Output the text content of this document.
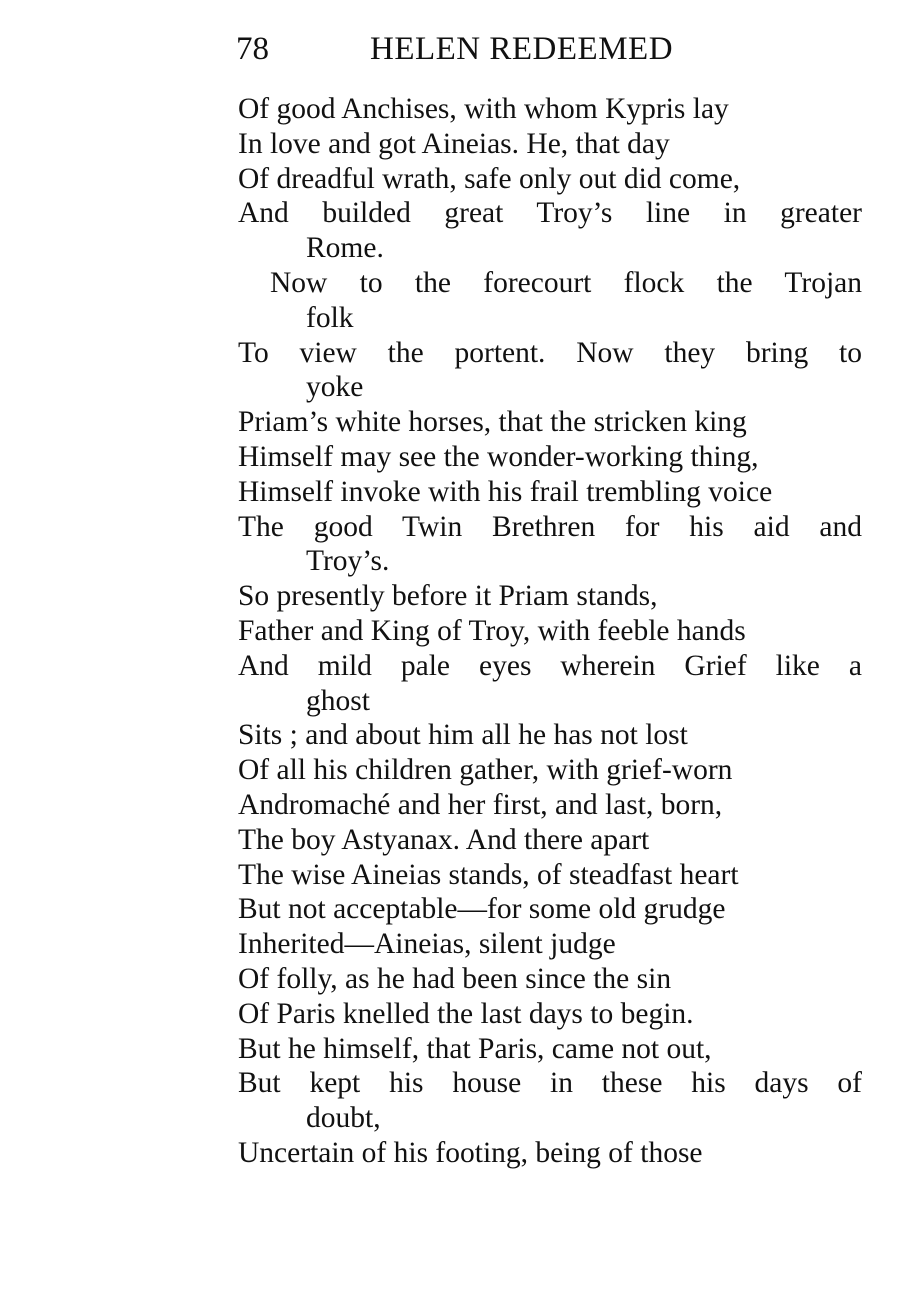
78	HELEN REDEEMED
Of good Anchises, with whom Kypris lay
In love and got Aineias. He, that day
Of dreadful wrath, safe only out did come,
And builded great Troy’s line in greater
Rome.
Now to the forecourt flock the Trojan
folk
To view the portent. Now they bring to
yoke
Priam’s white horses, that the stricken king
Himself may see the wonder-working thing,
Himself invoke with his frail trembling voice
The good Twin Brethren for his aid and
Troy’s.
So presently before it Priam stands,
Father and King of Troy, with feeble hands
And mild pale eyes wherein Grief like a
ghost
Sits ; and about him all he has not lost
Of all his children gather, with grief-worn
Andromaché and her first, and last, born,
The boy Astyanax. And there apart
The wise Aineias stands, of steadfast heart
But not acceptable—for some old grudge
Inherited—Aineias, silent judge
Of folly, as he had been since the sin
Of Paris knelled the last days to begin.
But he himself, that Paris, came not out,
But kept his house in these his days of
doubt,
Uncertain of his footing, being of those
